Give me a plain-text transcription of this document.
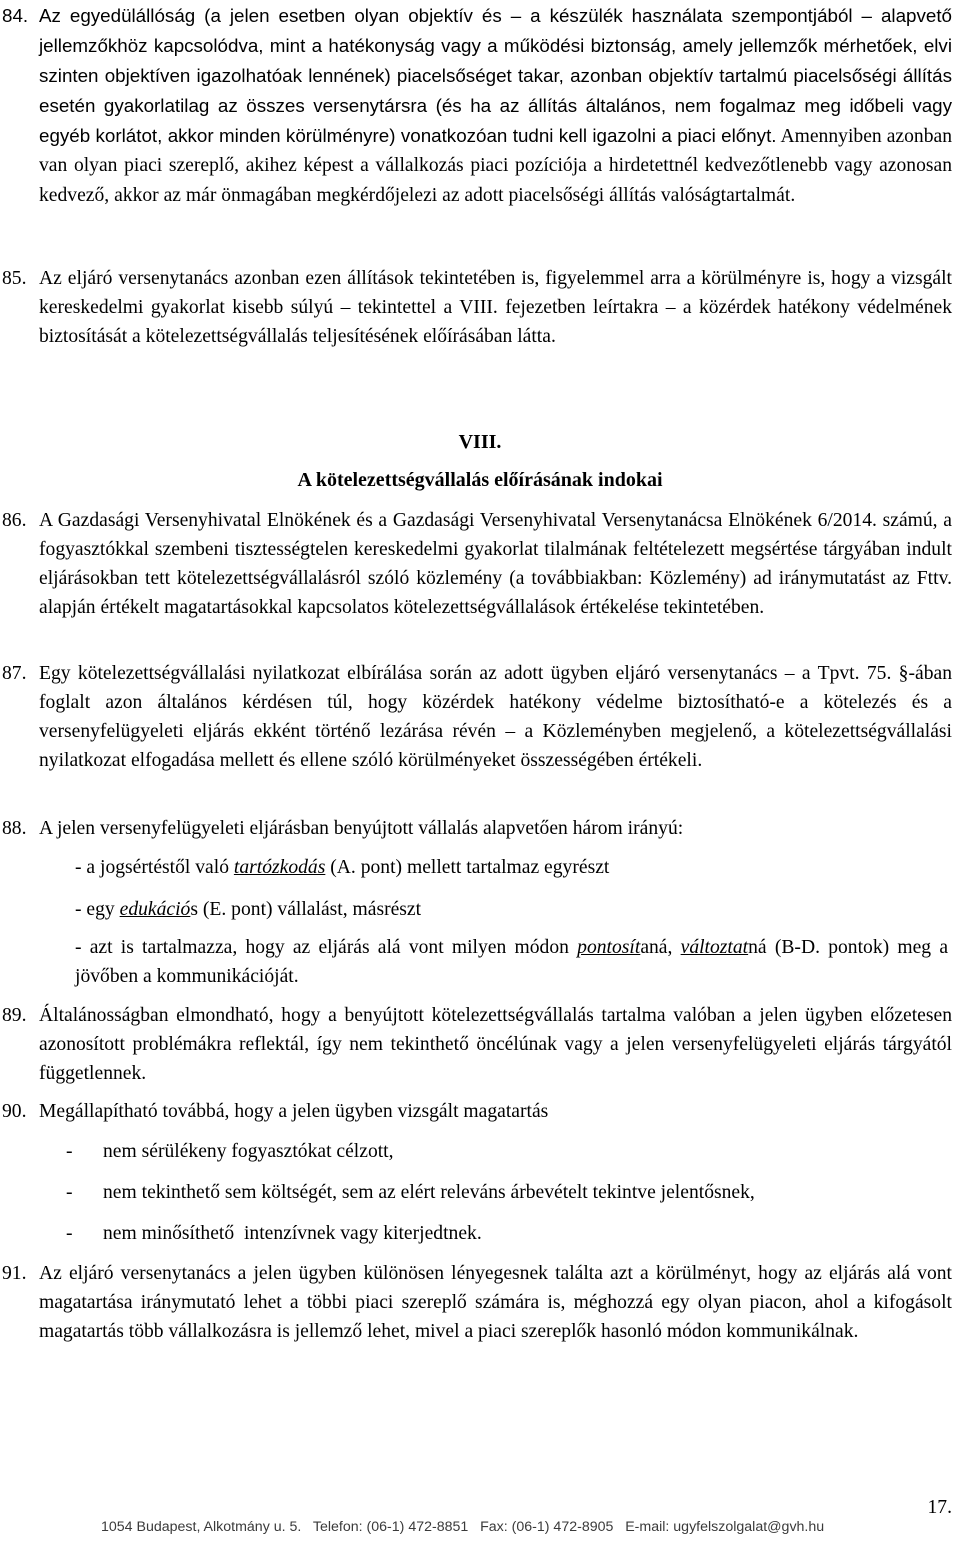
84. Az egyedülállóság (a jelen esetben olyan objektív és – a készülék használata szempontjából – alapvető jellemzőkhöz kapcsolódva, mint a hatékonyság vagy a működési biztonság, amely jellemzők mérhetőek, elvi szinten objektíven igazolhatóak lennének) piacelsőséget takar, azonban objektív tartalmú piacelsőségi állítás esetén gyakorlatilag az összes versenytársra (és ha az állítás általános, nem fogalmaz meg időbeli vagy egyéb korlátot, akkor minden körülményre) vonatkozóan tudni kell igazolni a piaci előnyt. Amennyiben azonban van olyan piaci szereplő, akihez képest a vállalkozás piaci pozíciója a hirdetettnél kedvezőtlenebb vagy azonosan kedvező, akkor az már önmagában megkérdőjelezi az adott piacelsőségi állítás valóságtartalmát.
85. Az eljáró versenytanács azonban ezen állítások tekintetében is, figyelemmel arra a körülményre is, hogy a vizsgált kereskedelmi gyakorlat kisebb súlyú – tekintettel a VIII. fejezetben leírtakra – a közérdek hatékony védelmének biztosítását a kötelezettségvállalás teljesítésének előírásában látta.
VIII.
A kötelezettségvállalás előírásának indokai
86. A Gazdasági Versenyhivatal Elnökének és a Gazdasági Versenyhivatal Versenytanácsa Elnökének 6/2014. számú, a fogyasztókkal szembeni tisztességtelen kereskedelmi gyakorlat tilalmának feltételezett megsértése tárgyában indult eljárásokban tett kötelezettségvállalásról szóló közlemény (a továbbiakban: Közlemény) ad iránymutatást az Fttv. alapján értékelt magatartásokkal kapcsolatos kötelezettségvállalások értékelése tekintetében.
87. Egy kötelezettségvállalási nyilatkozat elbírálása során az adott ügyben eljáró versenytanács – a Tpvt. 75. §-ában foglalt azon általános kérdésen túl, hogy közérdek hatékony védelme biztosítható-e a kötelezés és a versenyfelügyeleti eljárás ekként történő lezárása révén – a Közleményben megjelenő, a kötelezettségvállalási nyilatkozat elfogadása mellett és ellene szóló körülményeket összességében értékeli.
88. A jelen versenyfelügyeleti eljárásban benyújtott vállalás alapvetően három irányú:
- a jogsértéstől való tartózkodás (A. pont) mellett tartalmaz egyrészt
- egy edukációs (E. pont) vállalást, másrészt
- azt is tartalmazza, hogy az eljárás alá vont milyen módon pontosítaná, változtatná (B-D. pontok) meg a jövőben a kommunikációját.
89. Általánosságban elmondható, hogy a benyújtott kötelezettségvállalás tartalma valóban a jelen ügyben előzetesen azonosított problémákra reflektál, így nem tekinthető öncélúnak vagy a jelen versenyfelügyeleti eljárás tárgyától függetlennek.
90. Megállapítható továbbá, hogy a jelen ügyben vizsgált magatartás
- nem sérülékeny fogyasztókat célzott,
- nem tekinthető sem költségét, sem az elért releváns árbevételt tekintve jelentősnek,
- nem minősíthető  intenzívnek vagy kiterjedtnek.
91. Az eljáró versenytanács a jelen ügyben különösen lényegesnek találta azt a körülményt, hogy az eljárás alá vont magatartása iránymutató lehet a többi piaci szereplő számára is, méghozzá egy olyan piacon, ahol a kifogásolt magatartás több vállalkozásra is jellemző lehet, mivel a piaci szereplők hasonló módon kommunikálnak.
17.
1054 Budapest, Alkotmány u. 5.   Telefon: (06-1) 472-8851   Fax: (06-1) 472-8905   E-mail: ugyfelszolgalat@gvh.hu
